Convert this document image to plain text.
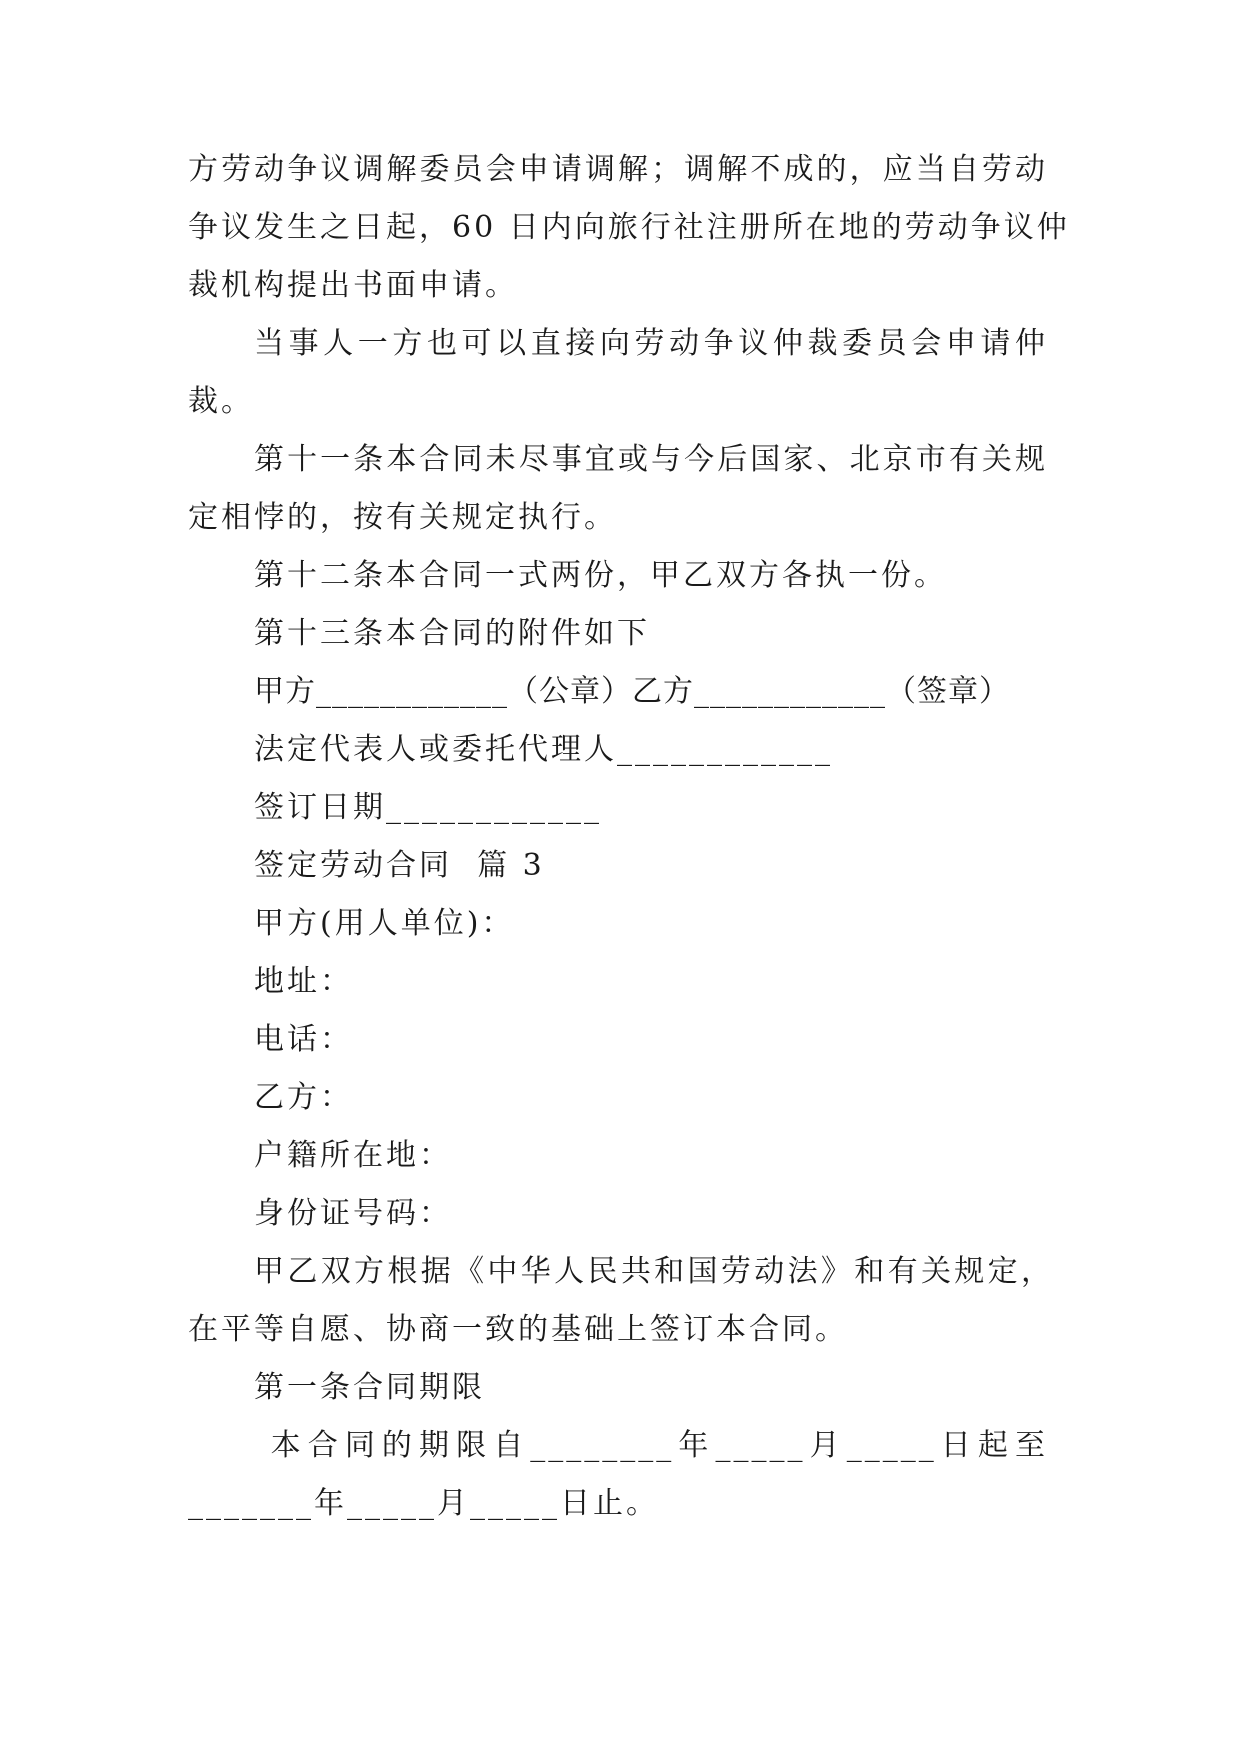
方劳动争议调解委员会申请调解；调解不成的，应当自劳动
争议发生之日起，60 日内向旅行社注册所在地的劳动争议仲
裁机构提出书面申请。
当事人一方也可以直接向劳动争议仲裁委员会申请仲
裁。
第十一条本合同未尽事宜或与今后国家、北京市有关规
定相悖的，按有关规定执行。
第十二条本合同一式两份，甲乙双方各执一份。
第十三条本合同的附件如下
甲方____________（公章）乙方____________（签章）
法定代表人或委托代理人____________
签订日期____________
签定劳动合同  篇 3
甲方(用人单位)：
地址：
电话：
乙方：
户籍所在地：
身份证号码：
甲乙双方根据《中华人民共和国劳动法》和有关规定，
在平等自愿、协商一致的基础上签订本合同。
第一条合同期限
本合同的期限自________年_____月_____日起至
_______年_____月_____日止。
